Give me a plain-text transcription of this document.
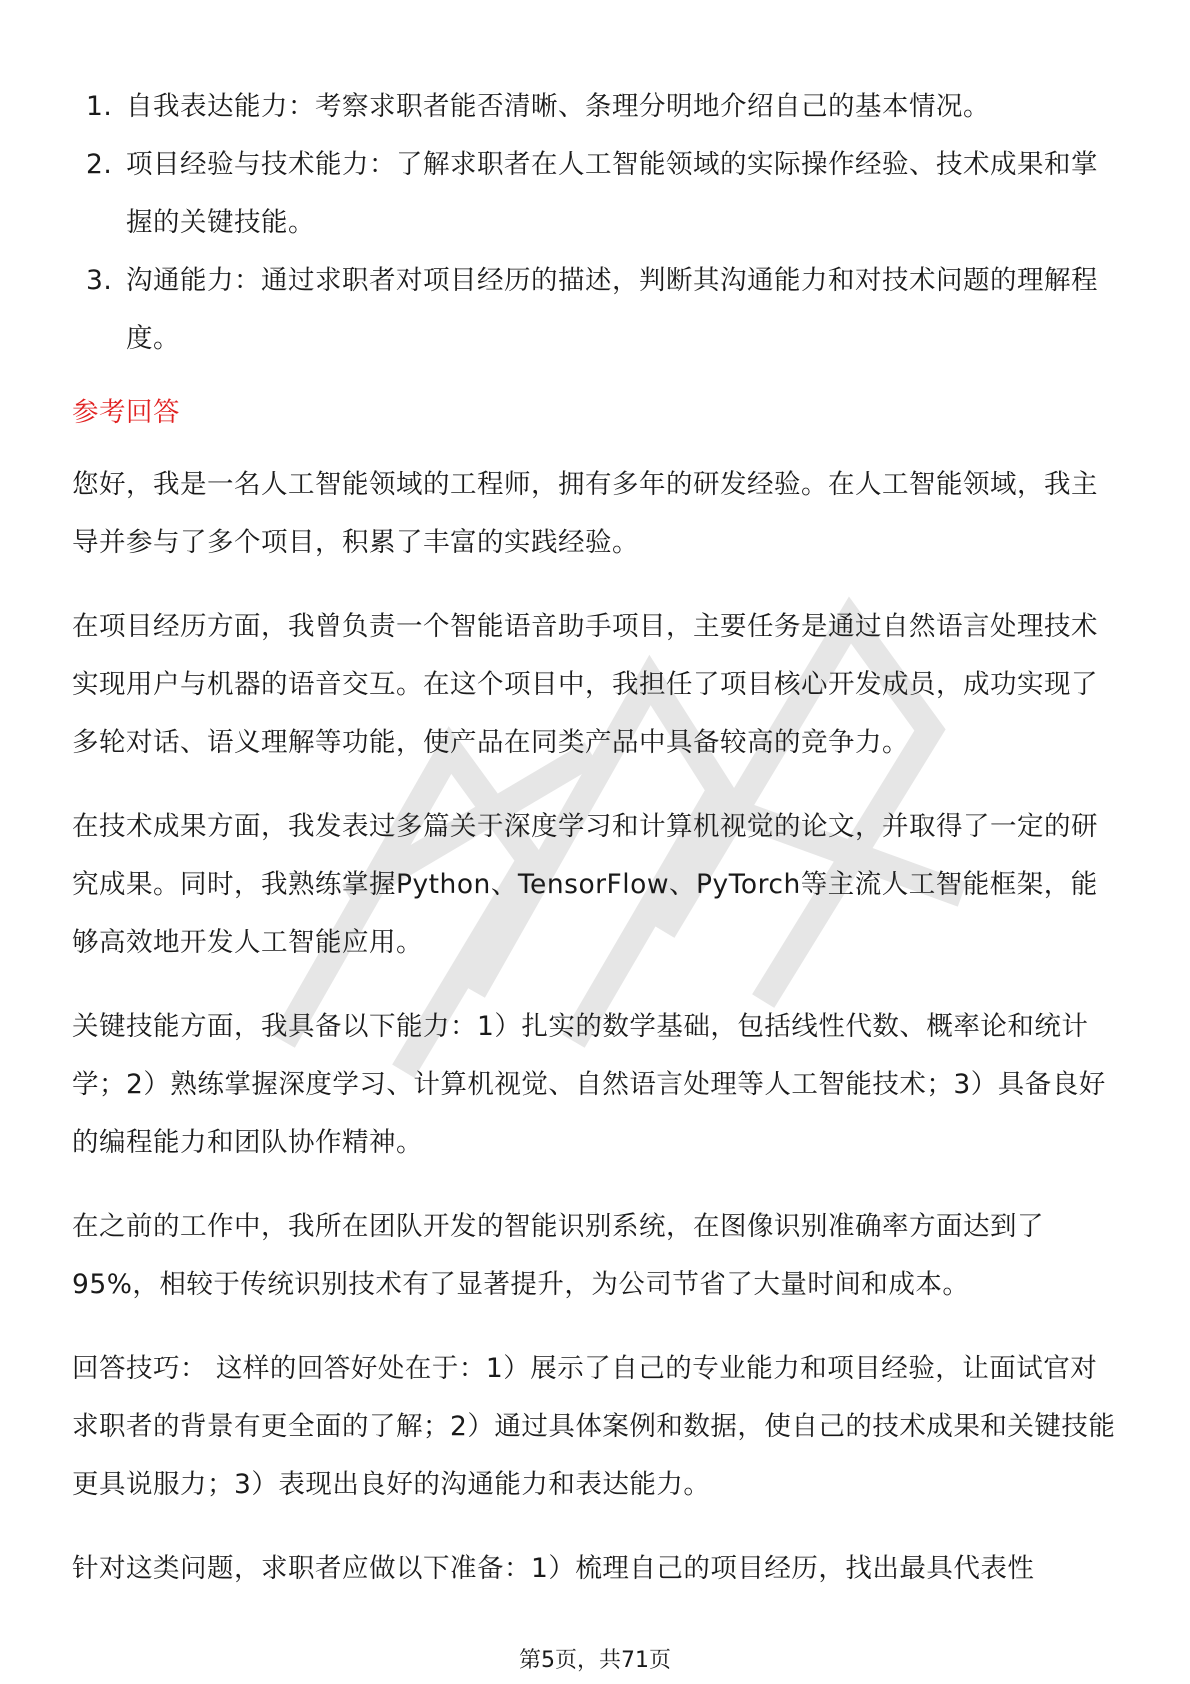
1. 自我表达能力：考察求职者能否清晰、条理分明地介绍自己的基本情况。
2. 项目经验与技术能力：了解求职者在人工智能领域的实际操作经验、技术成果和掌握的关键技能。
3. 沟通能力：通过求职者对项目经历的描述，判断其沟通能力和对技术问题的理解程度。
参考回答

您好，我是一名人工智能领域的工程师，拥有多年的研发经验。在人工智能领域，我主导并参与了多个项目，积累了丰富的实践经验。

在项目经历方面，我曾负责一个智能语音助手项目，主要任务是通过自然语言处理技术实现用户与机器的语音交互。在这个项目中，我担任了项目核心开发成员，成功实现了多轮对话、语义理解等功能，使产品在同类产品中具备较高的竞争力。

在技术成果方面，我发表过多篇关于深度学习和计算机视觉的论文，并取得了一定的研究成果。同时，我熟练掌握Python、TensorFlow、PyTorch等主流人工智能框架，能够高效地开发人工智能应用。

关键技能方面，我具备以下能力：1）扎实的数学基础，包括线性代数、概率论和统计学；2）熟练掌握深度学习、计算机视觉、自然语言处理等人工智能技术；3）具备良好的编程能力和团队协作精神。

在之前的工作中，我所在团队开发的智能识别系统，在图像识别准确率方面达到了95%，相较于传统识别技术有了显著提升，为公司节省了大量时间和成本。

回答技巧： 这样的回答好处在于：1）展示了自己的专业能力和项目经验，让面试官对求职者的背景有更全面的了解；2）通过具体案例和数据，使自己的技术成果和关键技能更具说服力；3）表现出良好的沟通能力和表达能力。

针对这类问题，求职者应做以下准备：1）梳理自己的项目经历，找出最具代表性

第5页，共71页
